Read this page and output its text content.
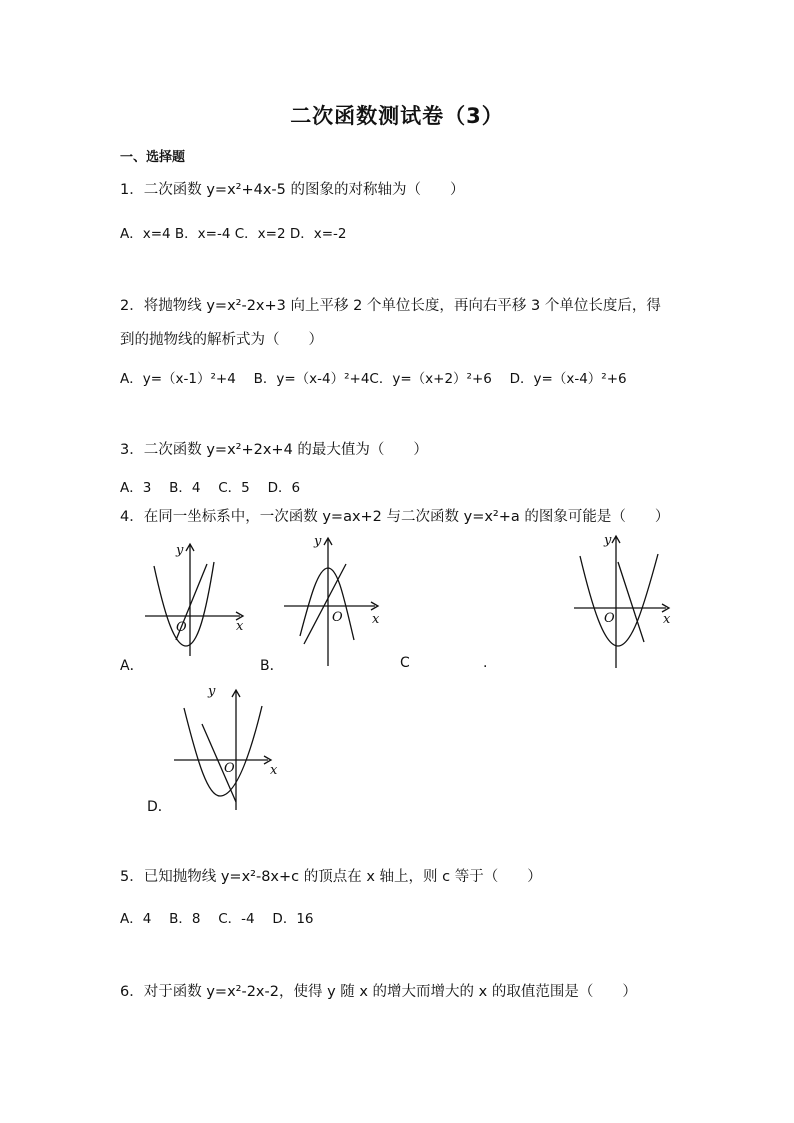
二次函数测试卷（3）
一、选择题
1．二次函数 y=x²+4x-5 的图象的对称轴为（　　）
A．x=4 B．x=-4 C．x=2 D．x=-2
2．将抛物线 y=x²-2x+3 向上平移 2 个单位长度，再向右平移 3 个单位长度后，得
到的抛物线的解析式为（　　）
A．y=（x-1）²+4　 B．y=（x-4）²+4C．y=（x+2）²+6　 D．y=（x-4）²+6
3．二次函数 y=x²+2x+4 的最大值为（　　）
A．3　 B．4　 C．5　 D．6
4．在同一坐标系中，一次函数 y=ax+2 与二次函数 y=x²+a 的图象可能是（　　）
y
x
O
y
x
O
y
x
O
A．	B．	C	.
y
x
O
D．
5．已知抛物线 y=x²-8x+c 的顶点在 x 轴上，则 c 等于（　　）
A．4　 B．8　 C．-4　 D．16
6．对于函数 y=x²-2x-2，使得 y 随 x 的增大而增大的 x 的取值范围是（　　）
